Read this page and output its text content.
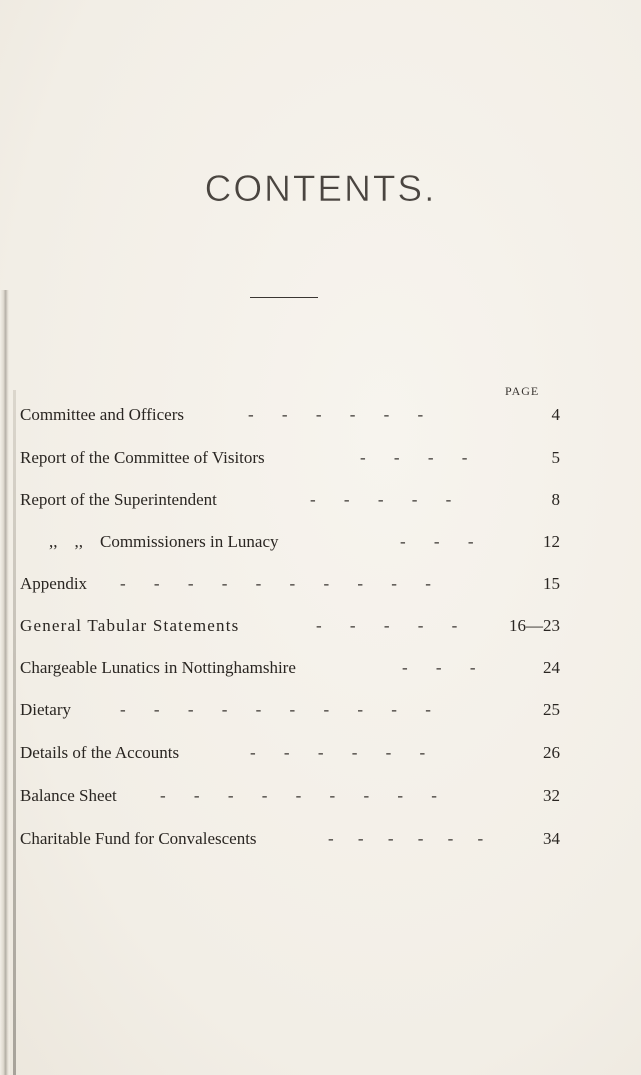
CONTENTS.
PAGE
Committee and Officers	- - - - - -	4
Report of the Committee of Visitors	- - - -	5
Report of the Superintendent	- - - - -	8
,,    ,,    Commissioners in Lunacy	- - -	12
Appendix - - - - - - - - - -	15
General Tabular Statements	- - - - - 16—23
Chargeable Lunatics in Nottinghamshire	- - -	24
Dietary	- - - - - - - - - -	25
Details of the Accounts	- - - - - -	26
Balance Sheet	- - - - - - - - -	32
Charitable Fund for Convalescents	- - - - - -	34
